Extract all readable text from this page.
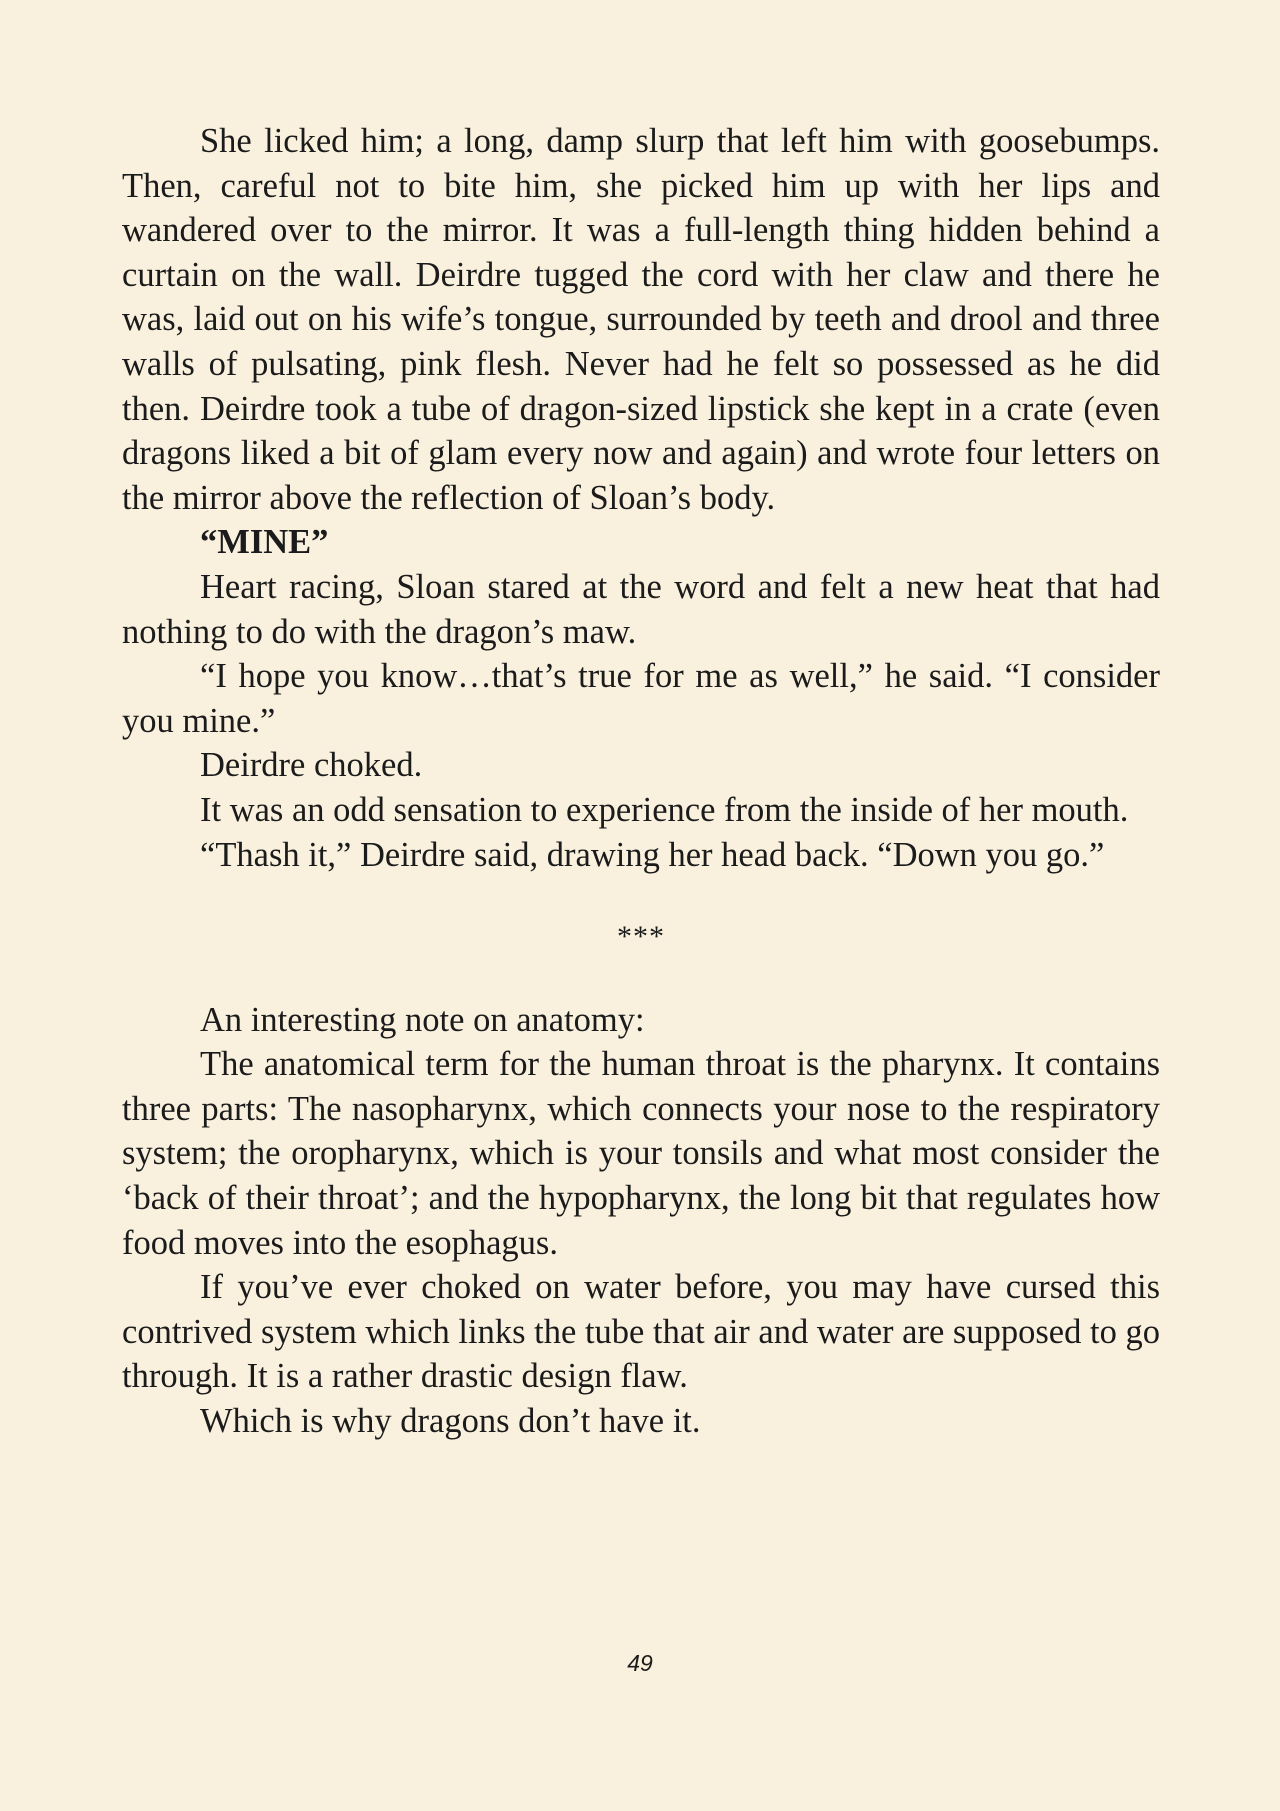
She licked him; a long, damp slurp that left him with goosebumps. Then, careful not to bite him, she picked him up with her lips and wandered over to the mirror. It was a full-length thing hidden behind a curtain on the wall. Deirdre tugged the cord with her claw and there he was, laid out on his wife’s tongue, surrounded by teeth and drool and three walls of pulsating, pink flesh. Never had he felt so possessed as he did then. Deirdre took a tube of dragon-sized lipstick she kept in a crate (even dragons liked a bit of glam every now and again) and wrote four letters on the mirror above the reflection of Sloan’s body.

“MINE”

Heart racing, Sloan stared at the word and felt a new heat that had nothing to do with the dragon’s maw.

“I hope you know…that’s true for me as well,” he said. “I consider you mine.”

Deirdre choked.

It was an odd sensation to experience from the inside of her mouth.

“Thash it,” Deirdre said, drawing her head back. “Down you go.”

***

An interesting note on anatomy:

The anatomical term for the human throat is the pharynx. It contains three parts: The nasopharynx, which connects your nose to the respiratory system; the oropharynx, which is your tonsils and what most consider the ‘back of their throat’; and the hypopharynx, the long bit that regulates how food moves into the esophagus.

If you’ve ever choked on water before, you may have cursed this contrived system which links the tube that air and water are supposed to go through. It is a rather drastic design flaw.

Which is why dragons don’t have it.

49
